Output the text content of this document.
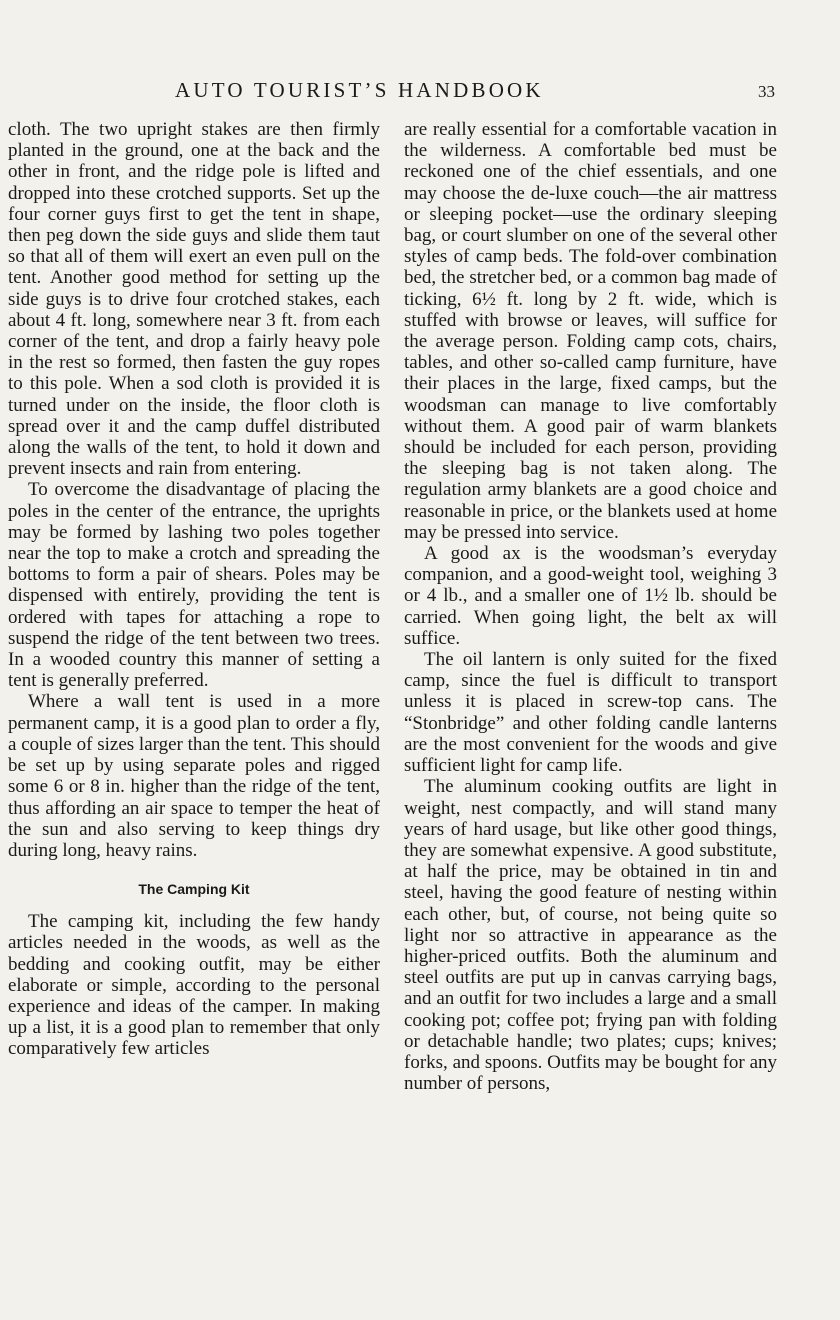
AUTO TOURIST’S HANDBOOK	33

cloth. The two upright stakes are then firmly planted in the ground, one at the back and the other in front, and the ridge pole is lifted and dropped into these crotched supports. Set up the four corner guys first to get the tent in shape, then peg down the side guys and slide them taut so that all of them will exert an even pull on the tent. Another good method for setting up the side guys is to drive four crotched stakes, each about 4 ft. long, somewhere near 3 ft. from each corner of the tent, and drop a fairly heavy pole in the rest so formed, then fasten the guy ropes to this pole. When a sod cloth is provided it is turned under on the inside, the floor cloth is spread over it and the camp duffel distributed along the walls of the tent, to hold it down and prevent insects and rain from entering.

To overcome the disadvantage of placing the poles in the center of the entrance, the uprights may be formed by lashing two poles together near the top to make a crotch and spreading the bottoms to form a pair of shears. Poles may be dispensed with entirely, providing the tent is ordered with tapes for attaching a rope to suspend the ridge of the tent between two trees. In a wooded country this manner of setting a tent is generally preferred.

Where a wall tent is used in a more permanent camp, it is a good plan to order a fly, a couple of sizes larger than the tent. This should be set up by using separate poles and rigged some 6 or 8 in. higher than the ridge of the tent, thus affording an air space to temper the heat of the sun and also serving to keep things dry during long, heavy rains.

The Camping Kit

The camping kit, including the few handy articles needed in the woods, as well as the bedding and cooking outfit, may be either elaborate or simple, according to the personal experience and ideas of the camper. In making up a list, it is a good plan to remember that only comparatively few articles

are really essential for a comfortable vacation in the wilderness. A comfortable bed must be reckoned one of the chief essentials, and one may choose the de-luxe couch—the air mattress or sleeping pocket—use the ordinary sleeping bag, or court slumber on one of the several other styles of camp beds. The fold-over combination bed, the stretcher bed, or a common bag made of ticking, 6½ ft. long by 2 ft. wide, which is stuffed with browse or leaves, will suffice for the average person. Folding camp cots, chairs, tables, and other so-called camp furniture, have their places in the large, fixed camps, but the woodsman can manage to live comfortably without them. A good pair of warm blankets should be included for each person, providing the sleeping bag is not taken along. The regulation army blankets are a good choice and reasonable in price, or the blankets used at home may be pressed into service.

A good ax is the woodsman’s everyday companion, and a good-weight tool, weighing 3 or 4 lb., and a smaller one of 1½ lb. should be carried. When going light, the belt ax will suffice.

The oil lantern is only suited for the fixed camp, since the fuel is difficult to transport unless it is placed in screw-top cans. The “Stonbridge” and other folding candle lanterns are the most convenient for the woods and give sufficient light for camp life.

The aluminum cooking outfits are light in weight, nest compactly, and will stand many years of hard usage, but like other good things, they are somewhat expensive. A good substitute, at half the price, may be obtained in tin and steel, having the good feature of nesting within each other, but, of course, not being quite so light nor so attractive in appearance as the higher-priced outfits. Both the aluminum and steel outfits are put up in canvas carrying bags, and an outfit for two includes a large and a small cooking pot; coffee pot; frying pan with folding or detachable handle; two plates; cups; knives; forks, and spoons. Outfits may be bought for any number of persons,
